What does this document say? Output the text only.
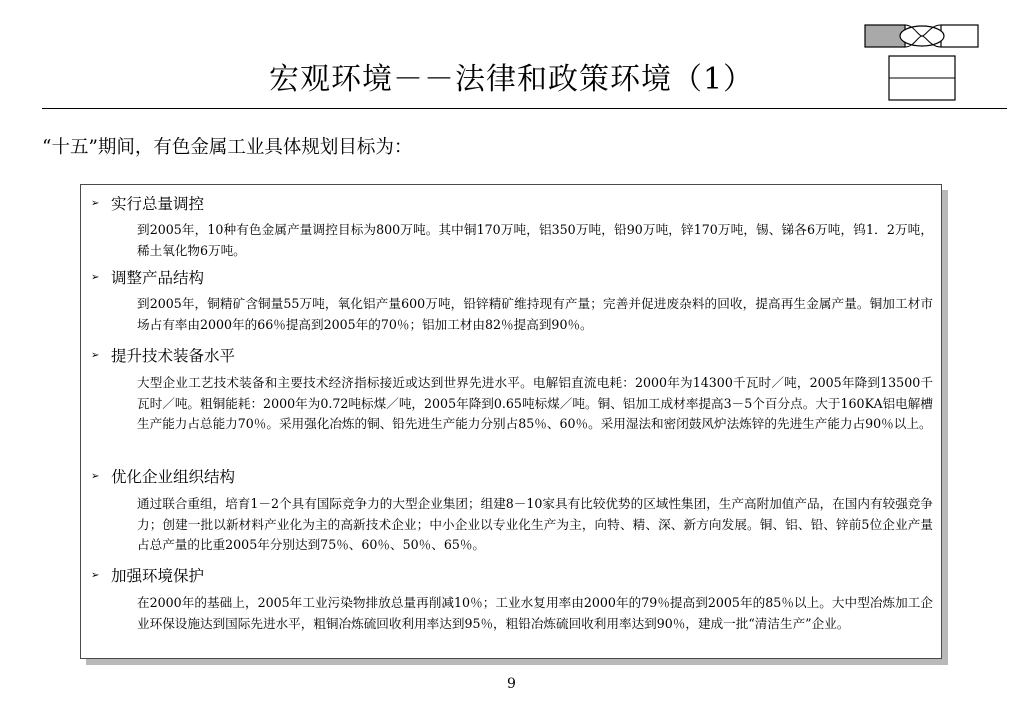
宏观环境－－法律和政策环境（1）
“十五”期间，有色金属工业具体规划目标为：
➢ 实行总量调控
到2005年，10种有色金属产量调控目标为800万吨。其中铜170万吨，铝350万吨，铅90万吨，锌170万吨，锡、锑各6万吨，钨1．2万吨，稀土氧化物6万吨。
➢ 调整产品结构
到2005年，铜精矿含铜量55万吨，氧化铝产量600万吨，铅锌精矿维持现有产量；完善并促进废杂料的回收，提高再生金属产量。铜加工材市场占有率由2000年的66％提高到2005年的70％；铝加工材由82％提高到90％。
➢ 提升技术装备水平
大型企业工艺技术装备和主要技术经济指标接近或达到世界先进水平。电解铝直流电耗：2000年为14300千瓦时／吨，2005年降到13500千瓦时／吨。粗铜能耗：2000年为0.72吨标煤／吨，2005年降到0.65吨标煤／吨。铜、铝加工成材率提高3－5个百分点。大于160KA铝电解槽生产能力占总能力70％。采用强化冶炼的铜、铅先进生产能力分别占85％、60％。采用湿法和密闭鼓风炉法炼锌的先进生产能力占90％以上。
➢ 优化企业组织结构
通过联合重组，培育1－2个具有国际竞争力的大型企业集团；组建8－10家具有比较优势的区域性集团，生产高附加值产品，在国内有较强竞争力；创建一批以新材料产业化为主的高新技术企业；中小企业以专业化生产为主，向特、精、深、新方向发展。铜、铝、铅、锌前5位企业产量占总产量的比重2005年分别达到75％、60％、50％、65％。
➢ 加强环境保护
在2000年的基础上，2005年工业污染物排放总量再削减10％；工业水复用率由2000年的79％提高到2005年的85％以上。大中型冶炼加工企业环保设施达到国际先进水平，粗铜冶炼硫回收利用率达到95％，粗铅冶炼硫回收利用率达到90％，建成一批“清洁生产”企业。
9
